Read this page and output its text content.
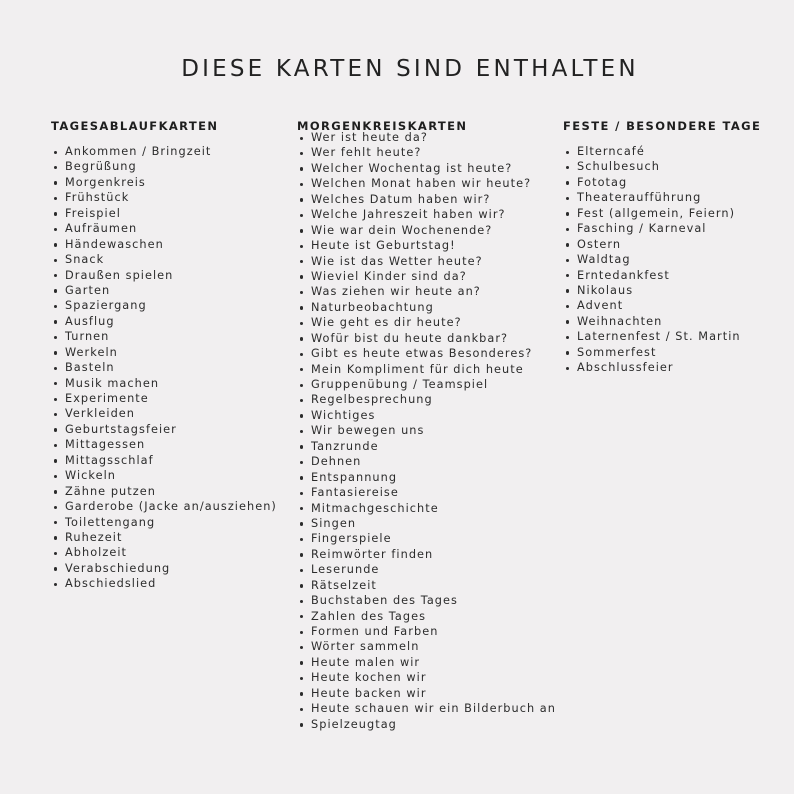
DIESE KARTEN SIND ENTHALTEN
TAGESABLAUFKARTEN
Ankommen / Bringzeit
Begrüßung
Morgenkreis
Frühstück
Freispiel
Aufräumen
Händewaschen
Snack
Draußen spielen
Garten
Spaziergang
Ausflug
Turnen
Werkeln
Basteln
Musik machen
Experimente
Verkleiden
Geburtstagsfeier
Mittagessen
Mittagsschlaf
Wickeln
Zähne putzen
Garderobe (Jacke an/ausziehen)
Toilettengang
Ruhezeit
Abholzeit
Verabschiedung
Abschiedslied
MORGENKREISKARTEN
Wer ist heute da?
Wer fehlt heute?
Welcher Wochentag ist heute?
Welchen Monat haben wir heute?
Welches Datum haben wir?
Welche Jahreszeit haben wir?
Wie war dein Wochenende?
Heute ist Geburtstag!
Wie ist das Wetter heute?
Wieviel Kinder sind da?
Was ziehen wir heute an?
Naturbeobachtung
Wie geht es dir heute?
Wofür bist du heute dankbar?
Gibt es heute etwas Besonderes?
Mein Kompliment für dich heute
Gruppenübung / Teamspiel
Regelbesprechung
Wichtiges
Wir bewegen uns
Tanzrunde
Dehnen
Entspannung
Fantasiereise
Mitmachgeschichte
Singen
Fingerspiele
Reimwörter finden
Leserunde
Rätselzeit
Buchstaben des Tages
Zahlen des Tages
Formen und Farben
Wörter sammeln
Heute malen wir
Heute kochen wir
Heute backen wir
Heute schauen wir ein Bilderbuch an
Spielzeugtag
FESTE / BESONDERE TAGE
Elterncafé
Schulbesuch
Fototag
Theateraufführung
Fest (allgemein, Feiern)
Fasching / Karneval
Ostern
Waldtag
Erntedankfest
Nikolaus
Advent
Weihnachten
Laternenfest / St. Martin
Sommerfest
Abschlussfeier
